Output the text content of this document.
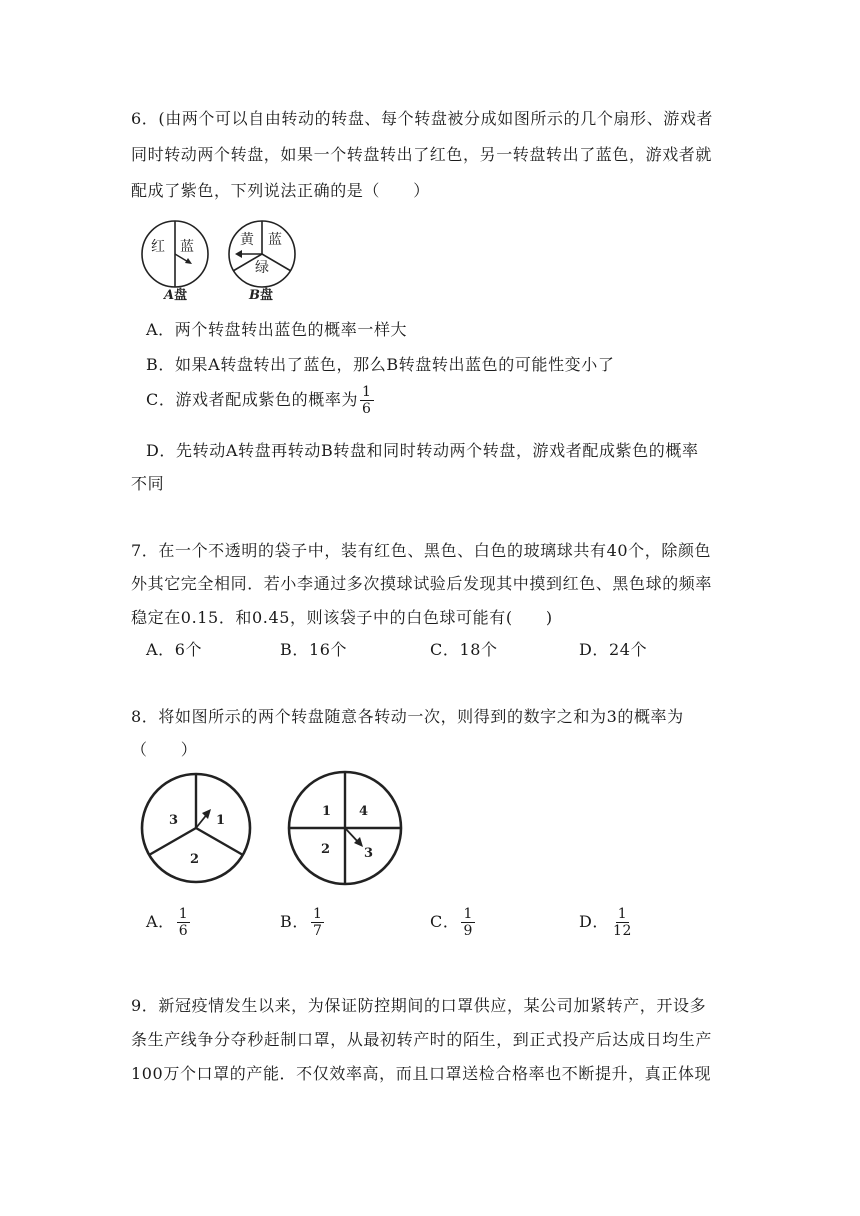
6．(由两个可以自由转动的转盘、每个转盘被分成如图所示的几个扇形、游戏者
同时转动两个转盘，如果一个转盘转出了红色，另一转盘转出了蓝色，游戏者就
配成了紫色，下列说法正确的是（　　）
红 蓝
A盘
黄 蓝
绿
B盘
A．两个转盘转出蓝色的概率一样大
B．如果A转盘转出了蓝色，那么B转盘转出蓝色的可能性变小了
C．游戏者配成紫色的概率为 $\frac{1}{6}$
D．先转动A转盘再转动B转盘和同时转动两个转盘，游戏者配成紫色的概率
不同
7．在一个不透明的袋子中，装有红色、黑色、白色的玻璃球共有40个，除颜色
外其它完全相同．若小李通过多次摸球试验后发现其中摸到红色、黑色球的频率
稳定在0.15．和0.45，则该袋子中的白色球可能有(　　)
A．6个	B．16个	C．18个	D．24个
8．将如图所示的两个转盘随意各转动一次，则得到的数字之和为3的概率为
（　　）
3	1
2
1 4
2	3
A． $\frac{1}{6}$	B． $\frac{1}{7}$	C． $\frac{1}{9}$	D． $\frac{1}{12}$
9．新冠疫情发生以来，为保证防控期间的口罩供应，某公司加紧转产，开设多
条生产线争分夺秒赶制口罩，从最初转产时的陌生，到正式投产后达成日均生产
100万个口罩的产能．不仅效率高，而且口罩送检合格率也不断提升，真正体现
